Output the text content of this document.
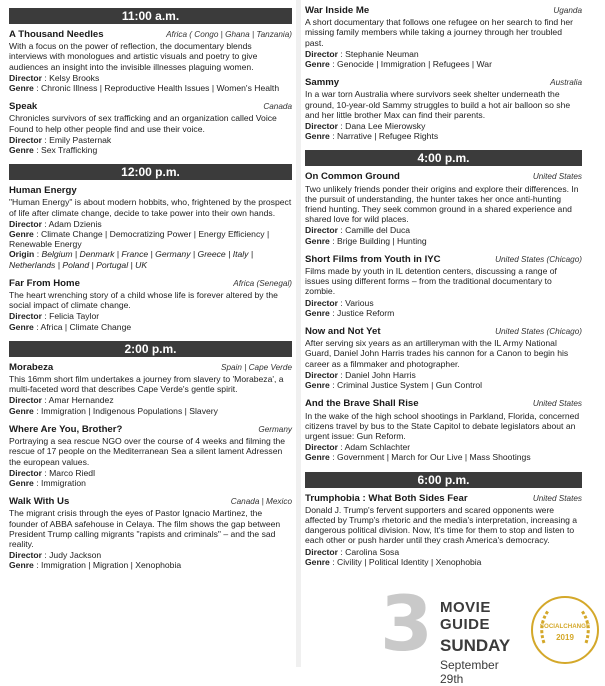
11:00 a.m.
A Thousand Needles	Africa ( Congo | Ghana | Tanzania)
With a focus on the power of reflection, the documentary blends interviews with monologues and artistic visuals and poetry to give audiences an insight into the invisible illnesses plaguing women.
Director : Kelsy Brooks
Genre : Chronic Illness | Reproductive Health Issues | Women's Health
Speak	Canada
Chronicles survivors of sex trafficking and an organization called Voice Found to help other people find and use their voice.
Director : Emily Pasternak
Genre : Sex Trafficking
12:00 p.m.
Human Energy
"Human Energy" is about modern hobbits, who, frightened by the prospect of life after climate change, decide to take power into their own hands.
Director : Adam Dzienis
Genre : Climate Change | Democratizing Power | Energy Efficiency | Renewable Energy
Origin : Belgium | Denmark | France | Germany | Greece | Italy | Netherlands | Poland | Portugal | UK
Far From Home	Africa (Senegal)
The heart wrenching story of a child whose life is forever altered by the social impact of climate change.
Director : Felicia Taylor
Genre : Africa | Climate Change
2:00 p.m.
Morabeza	Spain | Cape Verde
This 16mm short film undertakes a journey from slavery to 'Morabeza', a multi-faceted word that describes Cape Verde's gentle spirit.
Director : Amar Hernandez
Genre : Immigration | Indigenous Populations | Slavery
Where Are You, Brother?	Germany
Portraying a sea rescue NGO over the course of 4 weeks and filming the rescue of 17 people on the Mediterranean Sea a silent lament Adressen the european values.
Director : Marco Riedl
Genre : Immigration
Walk With Us	Canada | Mexico
The migrant crisis through the eyes of Pastor Ignacio Martinez, the founder of ABBA safehouse in Celaya. The film shows the gap between President Trump calling migrants "rapists and criminals" – and the sad reality.
Director : Judy Jackson
Genre : Immigration | Migration | Xenophobia
War Inside Me	Uganda
A short documentary that follows one refugee on her search to find her missing family members while taking a journey through her troubled past.
Director : Stephanie Neuman
Genre : Genocide | Immigration | Refugees | War
Sammy	Australia
In a war torn Australia where survivors seek shelter underneath the ground, 10-year-old Sammy struggles to build a hot air balloon so she and her little brother Max can find their parents.
Director : Dana Lee Mierowsky
Genre : Narrative | Refugee Rights
4:00 p.m.
On Common Ground	United States
Two unlikely friends ponder their origins and explore their differences. In the pursuit of understanding, the hunter takes her once anti-hunting friend hunting. They seek common ground in a shared experience and shared love for wild places.
Director : Camille del Duca
Genre : Brige Building | Hunting
Short Films from Youth in IYC	United States (Chicago)
Films made by youth in IL detention centers, discussing a range of issues using different forms – from the traditional documentary to zombie.
Director : Various
Genre : Justice Reform
Now and Not Yet	United States (Chicago)
After serving six years as an artilleryman with the IL Army National Guard, Daniel John Harris trades his cannon for a Canon to begin his career as a filmmaker and photographer.
Director : Daniel John Harris
Genre : Criminal Justice System | Gun Control
And the Brave Shall Rise	United States
In the wake of the high school shootings in Parkland, Florida, concerned citizens travel by bus to the State Capitol to debate legislators about an urgent issue: Gun Reform.
Director : Adam Schlachter
Genre : Government | March for Our Live | Mass Shootings
6:00 p.m.
Trumphobia : What Both Sides Fear	United States
Donald J. Trump's fervent supporters and scared opponents were affected by Trump's rhetoric and the media's interpretation, increasing a dangerous political division. Now, It's time for them to stop and listen to each other or push harder until they crash America's democracy.
Director : Carolina Sosa
Genre : Civility | Political Identity | Xenophobia
3 MOVIE GUIDE
SUNDAY
September 29th
SOCIALCHANGE
2019
